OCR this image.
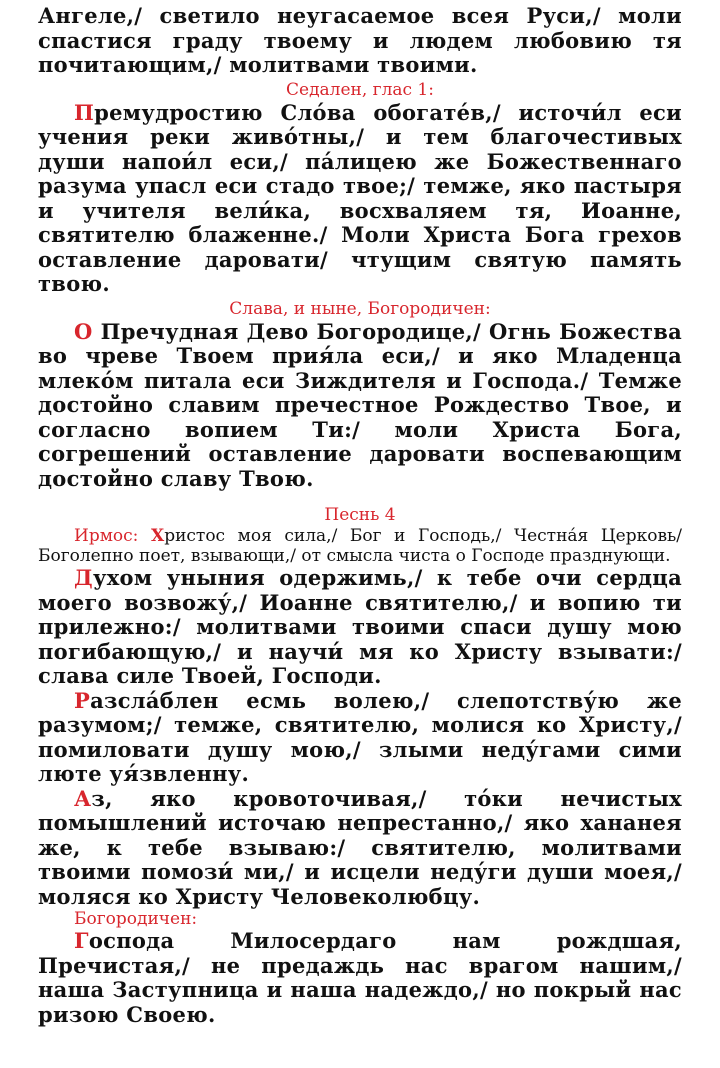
Ангеле,/ светило неугасаемое всея Руси,/ моли спастися граду твоему и людем любовию тя почитающим,/ молитвами твоими.

Седален, глас 1:

Премудростию Сло́ва обогате́в,/ источи́л еси учения реки живо́тны,/ и тем благочестивых души напои́л еси,/ па́лицею же Божественнаго разума упасл еси стадо твое;/ темже, яко пастыря и учителя вели́ка, восхваляем тя, Иоанне, святителю блаженне./ Моли Христа Бога грехов оставление даровати/ чтущим святую память твою.

Слава, и ныне, Богородичен:

О Пречудная Дево Богородице,/ Огнь Божества во чреве Твоем прия́ла еси,/ и яко Младенца млеко́м питала еси Зиждителя и Господа./ Темже достойно славим пречестное Рождество Твое, и согласно вопием Ти:/ моли Христа Бога, согрешений оставление даровати воспевающим достойно славу Твою.

Песнь 4

Ирмос: Христос моя сила,/ Бог и Господь,/ Честна́я Церковь/ Боголепно поет, взывающи,/ от смысла чиста о Господе празднующи.

Духом уныния одержимь,/ к тебе очи сердца моего возвожу́,/ Иоанне святителю,/ и вопию ти прилежно:/ молитвами твоими спаси душу мою погибающую,/ и научи́ мя ко Христу взывати:/ слава силе Твоей, Господи.

Разсла́блен есмь волею,/ слепотству́ю же разумом;/ темже, святителю, молися ко Христу,/ помиловати душу мою,/ злыми неду́гами сими люте уя́звленну.

Аз, яко кровоточивая,/ то́ки нечистых помышлений источаю непрестанно,/ яко хананея же, к тебе взываю:/ святителю, молитвами твоими помози́ ми,/ и исцели неду́ги души моея,/ моляся ко Христу Человеколюбцу.

Богородичен:

Господа Милосердаго нам рождшая, Пречистая,/ не предаждь нас врагом нашим,/ наша Заступница и наша надеждо,/ но покрый нас ризою Своею.
